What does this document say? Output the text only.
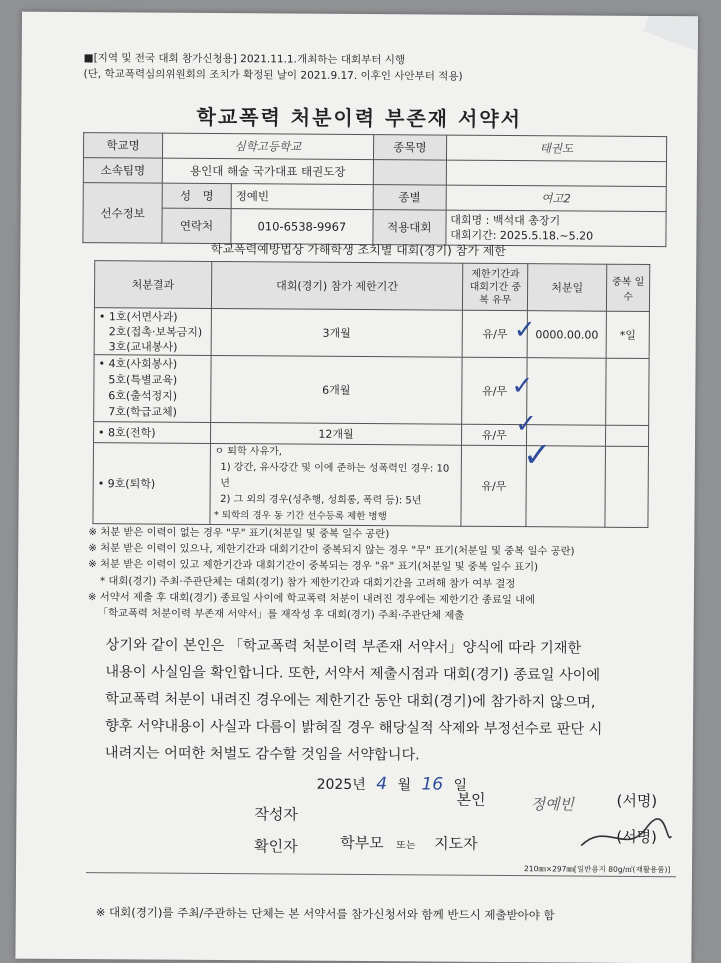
■[지역 및 전국 대회 참가신청용] 2021.11.1.개최하는 대회부터 시행
(단, 학교폭력심의위원회의 조치가 확정된 날이 2021.9.17. 이후인 사안부터 적용)
학교폭력 처분이력 부존재 서약서
학교명	심학고등학교		종목명	태권도
소속팀명	용인대 해술 국가대표 태권도장			
선수정보	성　명	정예빈	종별	여고2
	연락처	010-6538-9967	적용대회	대회명 : 백석대 총장기
대회기간: 2025.5.18.~5.20
학교폭력예방법상 가해학생 조치별 대회(경기) 참가 제한
처분결과	대회(경기) 참가 제한기간	제한기간과 대회기간 중복 유무	처분일	중복 일수

• 1호(서면사과)
2호(접촉·보복금지)
3호(교내봉사)	3개월	유/무	0000.00.00	*일

• 4호(사회봉사)
5호(특별교육)
6호(출석정지)
7호(학급교체)	6개월	유/무		
• 8호(전학)	12개월	유/무		
• 9호(퇴학)	ㅇ 퇴학 사유가,
1) 강간, 유사강간 및 이에 준하는 성폭력인 경우: 10년
2) 그 외의 경우(성추행, 성희롱, 폭력 등): 5년
* 퇴학의 경우 동 기간 선수등록 제한 병행	유/무		
✓
✓
✓
✓
※ 처분 받은 이력이 없는 경우 "무" 표기(처분일 및 중복 일수 공란)
※ 처분 받은 이력이 있으나, 제한기간과 대회기간이 중복되지 않는 경우 "무" 표기(처분일 및 중복 일수 공란)
※ 처분 받은 이력이 있고 제한기간과 대회기간이 중복되는 경우 "유" 표기(처분일 및 중복 일수 표기)
* 대회(경기) 주최·주관단체는 대회(경기) 참가 제한기간과 대회기간을 고려해 참가 여부 결정
※ 서약서 제출 후 대회(경기) 종료일 사이에 학교폭력 처분이 내려진 경우에는 제한기간 종료일 내에
「학교폭력 처분이력 부존재 서약서」를 재작성 후 대회(경기) 주최·주관단체 제출
상기와 같이 본인은 「학교폭력 처분이력 부존재 서약서」양식에 따라 기재한
내용이 사실임을 확인합니다. 또한, 서약서 제출시점과 대회(경기) 종료일 사이에
학교폭력 처분이 내려진 경우에는 제한기간 동안 대회(경기)에 참가하지 않으며,
향후 서약내용이 사실과 다름이 밝혀질 경우 해당실적 삭제와 부정선수로 판단 시
내려지는 어떠한 처벌도 감수할 것임을 서약합니다.
2025년 4 월 16 일
작성자
본인	정예빈	(서명)
확인자	학부모 또는 지도자	(서명)
210㎜×297㎜[일반용지 80g/㎡(재활용품)]
※ 대회(경기)를 주최/주관하는 단체는 본 서약서를 참가신청서와 함께 반드시 제출받아야 함
